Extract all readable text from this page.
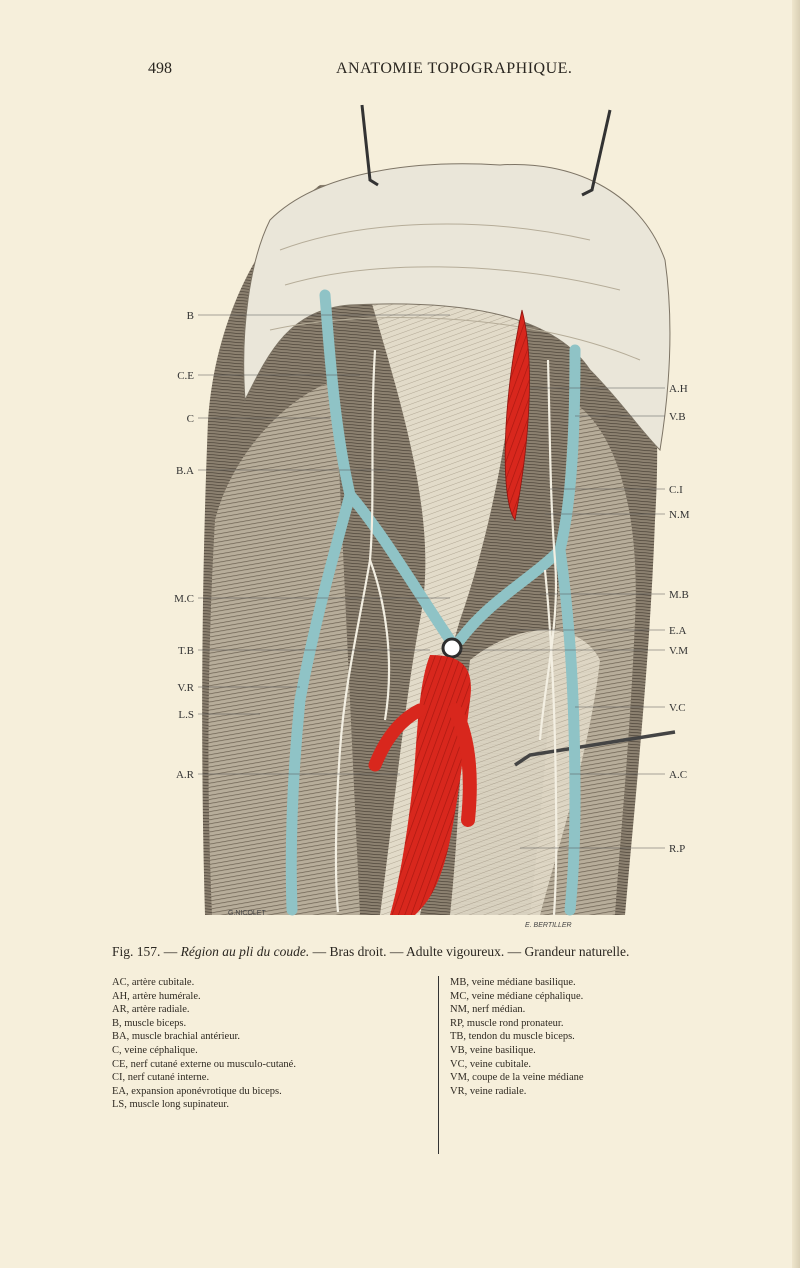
498	ANATOMIE TOPOGRAPHIQUE.
B
C.E
C
B.A
M.C
T.B
V.R
L.S
A.R
A.H
V.B
C.I
N.M
M.B
E.A
V.M
V.C
A.C
R.P
G.NICOLET
E. BERTILLER
Fig. 157. — Région au pli du coude. — Bras droit. — Adulte vigoureux. — Grandeur naturelle.
AC, artère cubitale.
AH, artère humérale.
AR, artère radiale.
B, muscle biceps.
BA, muscle brachial antérieur.
C, veine céphalique.
CE, nerf cutané externe ou musculo-cutané.
CI, nerf cutané interne.
EA, expansion aponévrotique du biceps.
LS, muscle long supinateur.
MB, veine médiane basilique.
MC, veine médiane céphalique.
NM, nerf médian.
RP, muscle rond pronateur.
TB, tendon du muscle biceps.
VB, veine basilique.
VC, veine cubitale.
VM, coupe de la veine médiane
VR, veine radiale.
